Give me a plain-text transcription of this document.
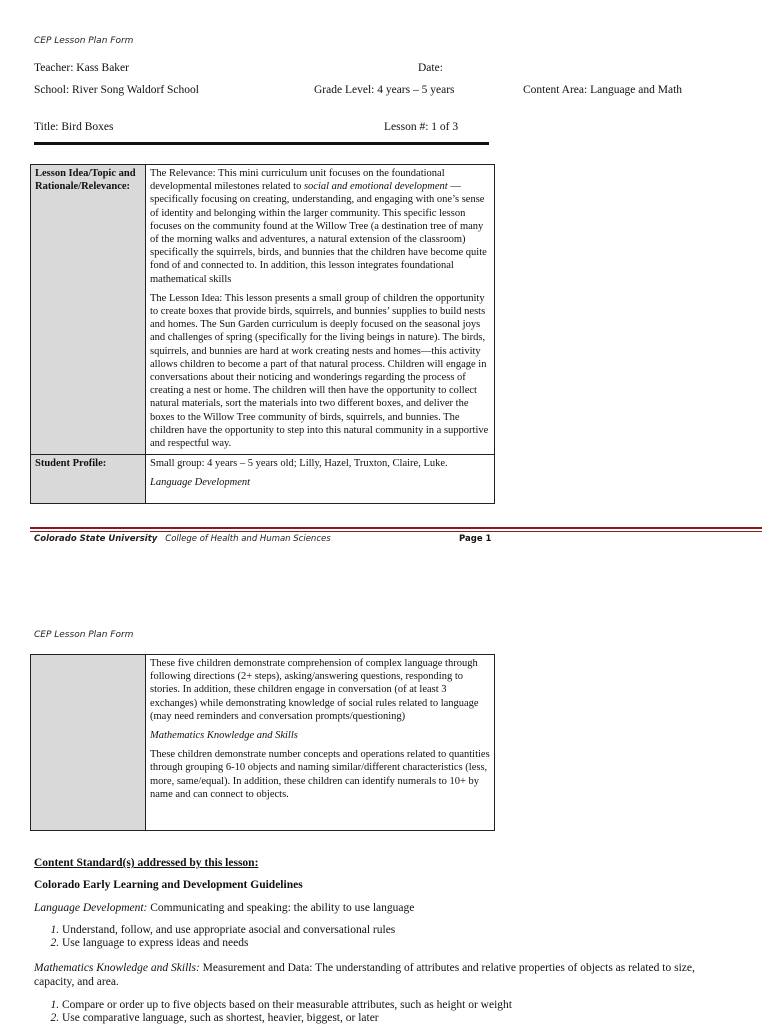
CEP Lesson Plan Form
Teacher: Kass Baker	Date:
School: River Song Waldorf School	Grade Level: 4 years – 5 years	Content Area: Language and Math
Title: Bird Boxes	Lesson #: 1 of 3
Lesson Idea/Topic and Rationale/Relevance:	The Relevance: This mini curriculum unit focuses on the foundational developmental milestones related to social and emotional development —specifically focusing on creating, understanding, and engaging with one’s sense of identity and belonging within the larger community. This specific lesson focuses on the community found at the Willow Tree (a destination tree of many of the morning walks and adventures, a natural extension of the classroom) specifically the squirrels, birds, and bunnies that the children have become quite fond of and connected to. In addition, this lesson integrates foundational mathematical skills

The Lesson Idea: This lesson presents a small group of children the opportunity to create boxes that provide birds, squirrels, and bunnies’ supplies to build nests and homes. The Sun Garden curriculum is deeply focused on the seasonal joys and challenges of spring (specifically for the living beings in nature). The birds, squirrels, and bunnies are hard at work creating nests and homes—this activity allows children to become a part of that natural process. Children will engage in conversations about their noticing and wonderings regarding the process of creating a nest or home. The children will then have the opportunity to collect natural materials, sort the materials into two different boxes, and deliver the boxes to the Willow Tree community of birds, squirrels, and bunnies. The children have the opportunity to step into this natural community in a supportive and respectful way.

Student Profile:	Small group: 4 years – 5 years old; Lilly, Hazel, Truxton, Claire, Luke.

Language Development

Colorado State University College of Health and Human Sciences	Page 1
CEP Lesson Plan Form

These five children demonstrate comprehension of complex language through following directions (2+ steps), asking/answering questions, responding to stories. In addition, these children engage in conversation (of at least 3 exchanges) while demonstrating knowledge of social rules related to language (may need reminders and conversation prompts/questioning)

Mathematics Knowledge and Skills

These children demonstrate number concepts and operations related to quantities through grouping 6-10 objects and naming similar/different characteristics (less, more, same/equal). In addition, these children can identify numerals to 10+ by name and can connect to objects.

Content Standard(s) addressed by this lesson:
Colorado Early Learning and Development Guidelines
Language Development: Communicating and speaking: the ability to use language
1. Understand, follow, and use appropriate asocial and conversational rules
2. Use language to express ideas and needs
Mathematics Knowledge and Skills: Measurement and Data: The understanding of attributes and relative properties of objects as related to size, capacity, and area.
1. Compare or order up to five objects based on their measurable attributes, such as height or weight
2. Use comparative language, such as shortest, heavier, biggest, or later
